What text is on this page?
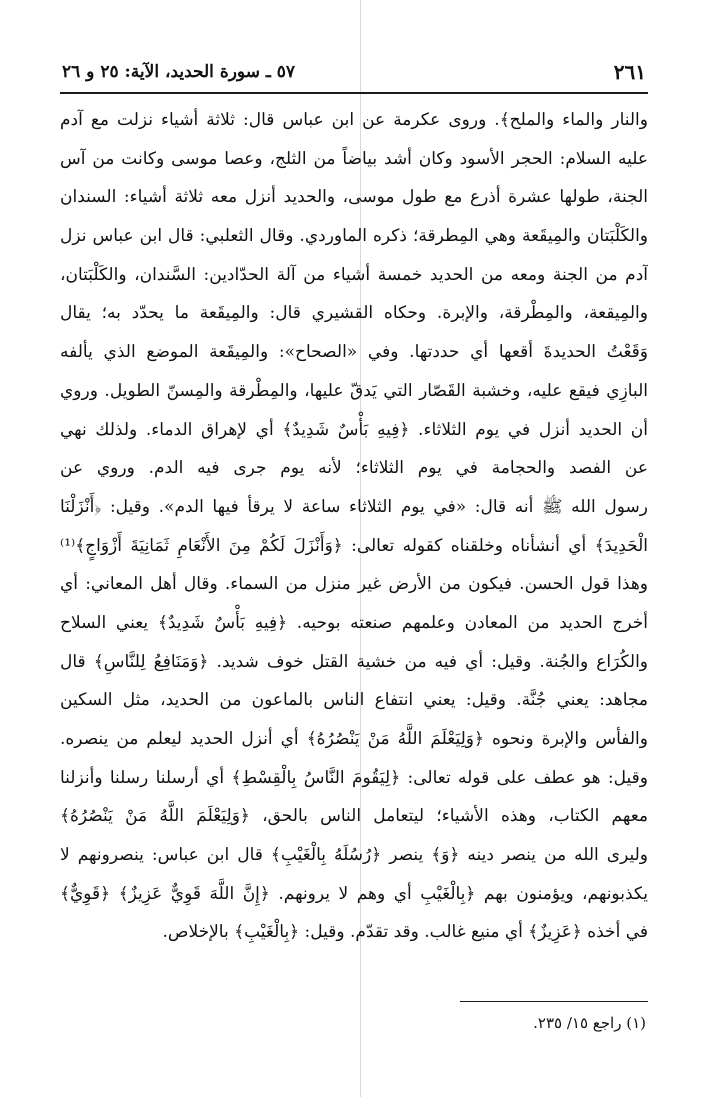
٢٦١
٥٧ ـ سورة الحديد، الآية: ٢٥ و ٢٦
والنار والماء والملح﴾. وروى عكرمة عن ابن عباس قال: ثلاثة أشياء نزلت مع آدم
عليه السلام: الحجر الأسود وكان أشد بياضاً من الثلج، وعصا موسى وكانت من آس
الجنة، طولها عشرة أذرع مع طول موسى، والحديد أنزل معه ثلاثة أشياء: السندان
والكَلْبَتان والمِيقَعة وهي المِطرقة؛ ذكره الماوردي. وقال الثعلبي: قال ابن عباس نزل
آدم من الجنة ومعه من الحديد خمسة أشياء من آلة الحدّادين: السَّندان، والكَلْبَتان،
والمِيقعة، والمِطْرقة، والإبرة. وحكاه القشيري قال: والمِيقَعة ما يحدّد به؛ يقال
وَقَعْتُ الحديدةَ أقعها أي حددتها. وفي «الصحاح»: والمِيقَعة الموضع الذي يألفه
البازِي فيقع عليه، وخشبة القَصّار التي يَدقّ عليها، والمِطْرقة والمِسنّ الطويل. وروي
أن الحديد أنزل في يوم الثلاثاء. ﴿فِيهِ بَأْسٌ شَدِيدٌ﴾ أي لإهراق الدماء. ولذلك نهي
عن الفصد والحجامة في يوم الثلاثاء؛ لأنه يوم جرى فيه الدم. وروي عن
رسول الله ﷺ أنه قال: «في يوم الثلاثاء ساعة لا يرقأ فيها الدم». وقيل: ﴿أَنْزَلْنَا
الْحَدِيدَ﴾ أي أنشأناه وخلقناه كقوله تعالى: ﴿وَأَنْزَلَ لَكُمْ مِنَ الأَنْعَامِ ثَمَانِيَةَ أَزْوَاجٍ﴾⁽¹⁾
وهذا قول الحسن. فيكون من الأرض غير منزل من السماء. وقال أهل المعاني: أي
أخرج الحديد من المعادن وعلمهم صنعته بوحيه. ﴿فِيهِ بَأْسٌ شَدِيدٌ﴾ يعني السلاح
والكُرَاع والجُنة. وقيل: أي فيه من خشية القتل خوف شديد. ﴿وَمَنَافِعُ لِلنَّاسِ﴾ قال
مجاهد: يعني جُنَّة. وقيل: يعني انتفاع الناس بالماعون من الحديد، مثل السكين
والفأس والإبرة ونحوه ﴿وَلِيَعْلَمَ اللَّهُ مَنْ يَنْصُرُهُ﴾ أي أنزل الحديد ليعلم من ينصره.
وقيل: هو عطف على قوله تعالى: ﴿لِيَقُومَ النَّاسُ بِالْقِسْطِ﴾ أي أرسلنا رسلنا وأنزلنا
معهم الكتاب، وهذه الأشياء؛ ليتعامل الناس بالحق، ﴿وَلِيَعْلَمَ اللَّهُ مَنْ يَنْصُرُهُ﴾
وليرى الله من ينصر دينه ﴿وَ﴾ ينصر ﴿رُسُلَهُ بِالْغَيْبِ﴾ قال ابن عباس: ينصرونهم لا
يكذبونهم، ويؤمنون بهم ﴿بِالْغَيْبِ أي وهم لا يرونهم. ﴿إِنَّ اللَّهَ قَوِيٌّ عَزِيزٌ﴾ ﴿قَوِيٌّ﴾
في أخذه ﴿عَزِيزٌ﴾ أي منيع غالب. وقد تقدّم. وقيل: ﴿بِالْغَيْبِ﴾ بالإخلاص.
(١) راجع ١٥/ ٢٣٥.
